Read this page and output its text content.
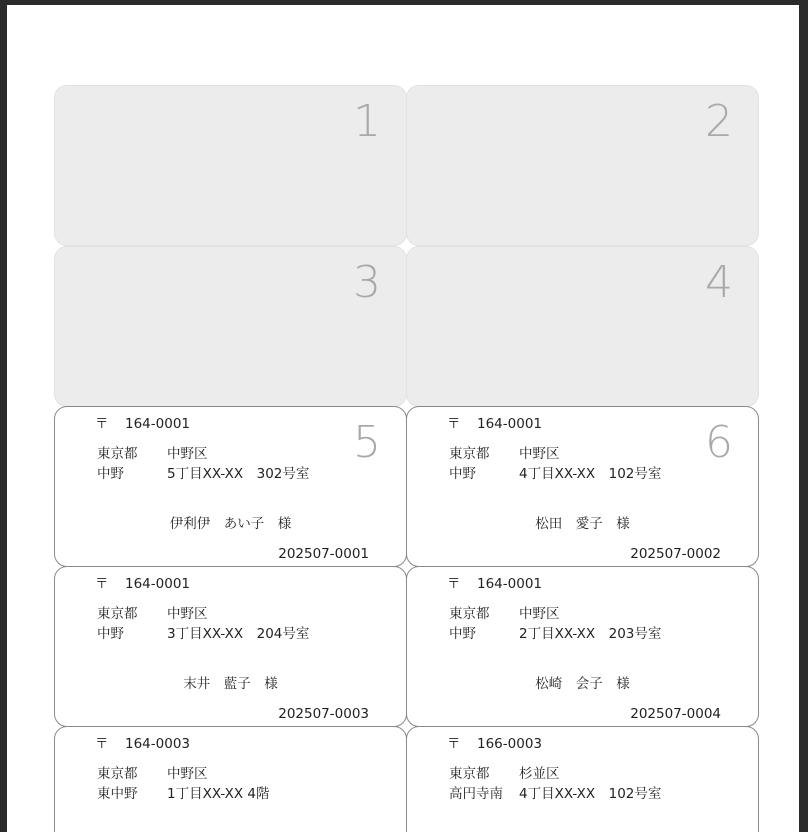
1	2
3	4
5
〒 164-0001
東京都 中野区
中野	5丁目XX-XX　302号室
伊利伊　あい子　様
202507-0001
6
〒 164-0001
東京都 中野区
中野	4丁目XX-XX　102号室
松田　愛子　様
202507-0002
〒 164-0001
東京都 中野区
中野	3丁目XX-XX　204号室
末井　藍子　様
202507-0003
〒 164-0001
東京都 中野区
中野	2丁目XX-XX　203号室
松崎　会子　様
202507-0004
〒 164-0003
東京都 中野区
東中野 1丁目XX-XX 4階
〒 166-0003
東京都 杉並区
高円寺南 4丁目XX-XX　102号室
